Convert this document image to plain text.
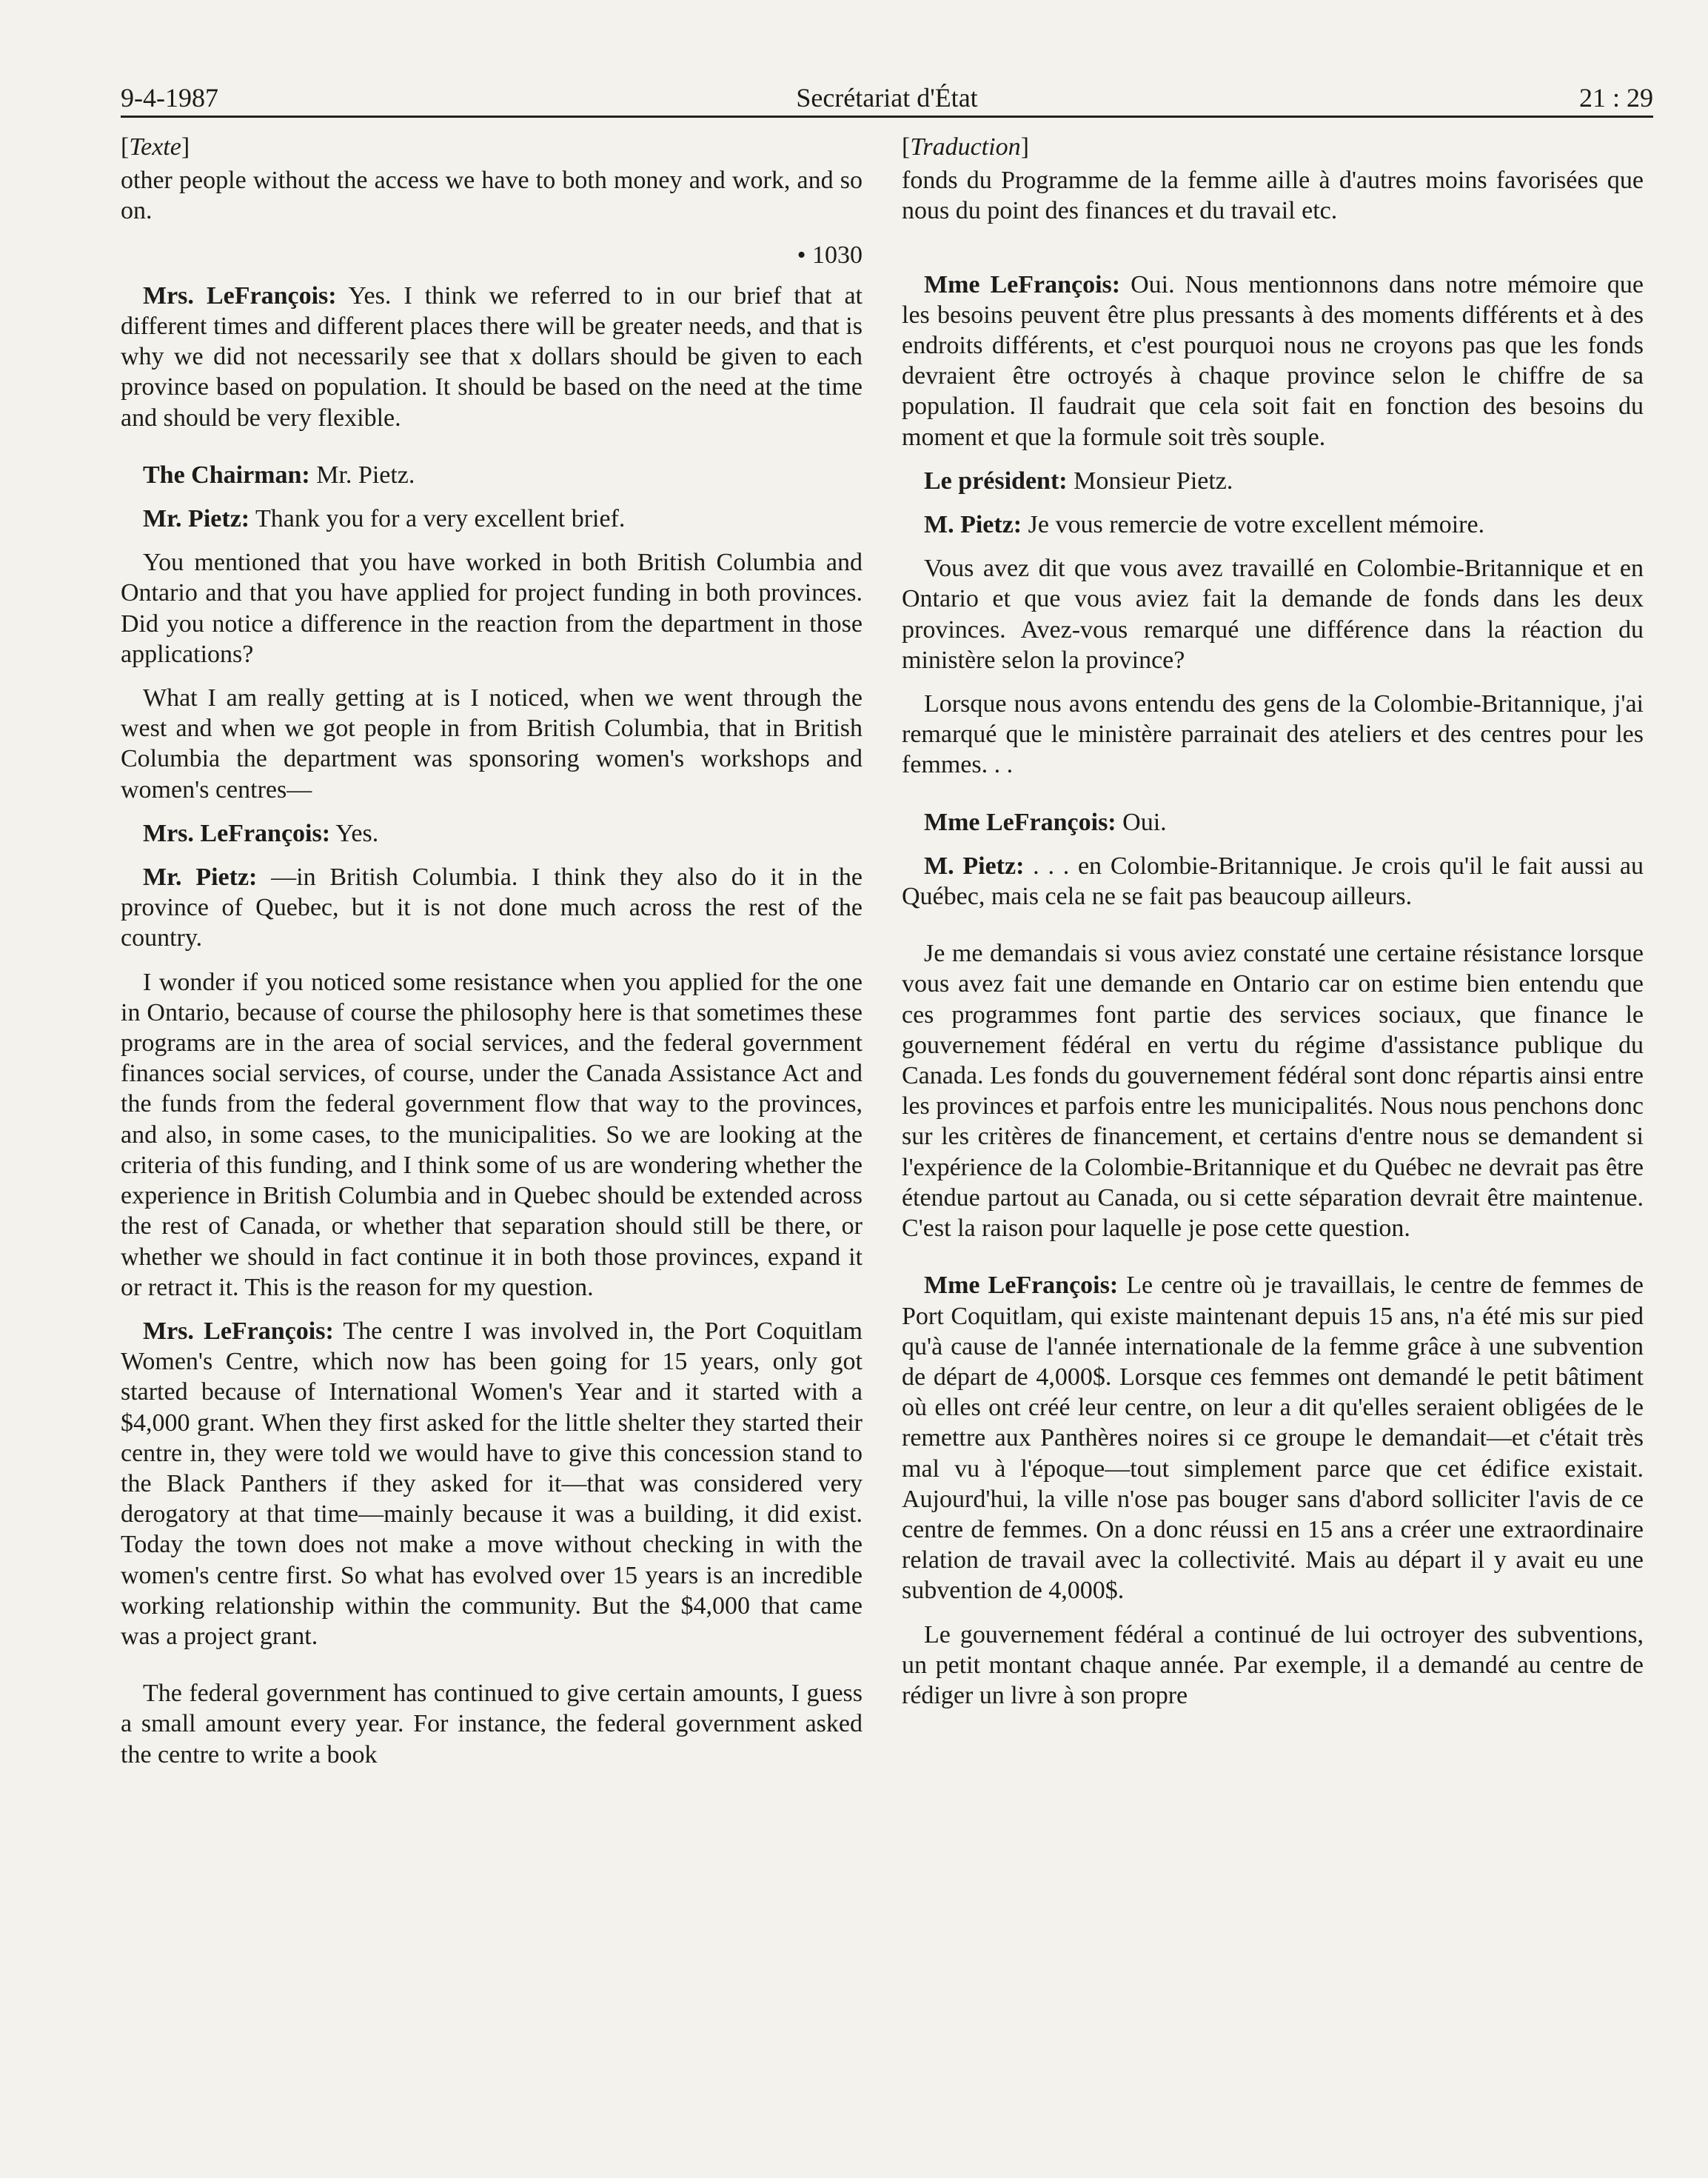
9-4-1987	Secrétariat d'État	21 : 29

[Texte]

other people without the access we have to both money and work, and so on.

• 1030

Mrs. LeFrançois: Yes. I think we referred to in our brief that at different times and different places there will be greater needs, and that is why we did not necessarily see that x dollars should be given to each province based on population. It should be based on the need at the time and should be very flexible.

The Chairman: Mr. Pietz.

Mr. Pietz: Thank you for a very excellent brief.

You mentioned that you have worked in both British Columbia and Ontario and that you have applied for project funding in both provinces. Did you notice a difference in the reaction from the department in those applications?

What I am really getting at is I noticed, when we went through the west and when we got people in from British Columbia, that in British Columbia the department was sponsoring women's workshops and women's centres—

Mrs. LeFrançois: Yes.

Mr. Pietz: —in British Columbia. I think they also do it in the province of Quebec, but it is not done much across the rest of the country.

I wonder if you noticed some resistance when you applied for the one in Ontario, because of course the philosophy here is that sometimes these programs are in the area of social services, and the federal government finances social services, of course, under the Canada Assistance Act and the funds from the federal government flow that way to the provinces, and also, in some cases, to the municipalities. So we are looking at the criteria of this funding, and I think some of us are wondering whether the experience in British Columbia and in Quebec should be extended across the rest of Canada, or whether that separation should still be there, or whether we should in fact continue it in both those provinces, expand it or retract it. This is the reason for my question.

Mrs. LeFrançois: The centre I was involved in, the Port Coquitlam Women's Centre, which now has been going for 15 years, only got started because of International Women's Year and it started with a $4,000 grant. When they first asked for the little shelter they started their centre in, they were told we would have to give this concession stand to the Black Panthers if they asked for it—that was considered very derogatory at that time—mainly because it was a building, it did exist. Today the town does not make a move without checking in with the women's centre first. So what has evolved over 15 years is an incredible working relationship within the community. But the $4,000 that came was a project grant.

The federal government has continued to give certain amounts, I guess a small amount every year. For instance, the federal government asked the centre to write a book

[Traduction]

fonds du Programme de la femme aille à d'autres moins favorisées que nous du point des finances et du travail etc.

Mme LeFrançois: Oui. Nous mentionnons dans notre mémoire que les besoins peuvent être plus pressants à des moments différents et à des endroits différents, et c'est pourquoi nous ne croyons pas que les fonds devraient être octroyés à chaque province selon le chiffre de sa population. Il faudrait que cela soit fait en fonction des besoins du moment et que la formule soit très souple.

Le président: Monsieur Pietz.

M. Pietz: Je vous remercie de votre excellent mémoire.

Vous avez dit que vous avez travaillé en Colombie-Britannique et en Ontario et que vous aviez fait la demande de fonds dans les deux provinces. Avez-vous remarqué une différence dans la réaction du ministère selon la province?

Lorsque nous avons entendu des gens de la Colombie-Britannique, j'ai remarqué que le ministère parrainait des ateliers et des centres pour les femmes. . .

Mme LeFrançois: Oui.

M. Pietz: . . . en Colombie-Britannique. Je crois qu'il le fait aussi au Québec, mais cela ne se fait pas beaucoup ailleurs.

Je me demandais si vous aviez constaté une certaine résistance lorsque vous avez fait une demande en Ontario car on estime bien entendu que ces programmes font partie des services sociaux, que finance le gouvernement fédéral en vertu du régime d'assistance publique du Canada. Les fonds du gouvernement fédéral sont donc répartis ainsi entre les provinces et parfois entre les municipalités. Nous nous penchons donc sur les critères de financement, et certains d'entre nous se demandent si l'expérience de la Colombie-Britannique et du Québec ne devrait pas être étendue partout au Canada, ou si cette séparation devrait être maintenue. C'est la raison pour laquelle je pose cette question.

Mme LeFrançois: Le centre où je travaillais, le centre de femmes de Port Coquitlam, qui existe maintenant depuis 15 ans, n'a été mis sur pied qu'à cause de l'année internationale de la femme grâce à une subvention de départ de 4,000$. Lorsque ces femmes ont demandé le petit bâtiment où elles ont créé leur centre, on leur a dit qu'elles seraient obligées de le remettre aux Panthères noires si ce groupe le demandait—et c'était très mal vu à l'époque—tout simplement parce que cet édifice existait. Aujourd'hui, la ville n'ose pas bouger sans d'abord solliciter l'avis de ce centre de femmes. On a donc réussi en 15 ans a créer une extraordinaire relation de travail avec la collectivité. Mais au départ il y avait eu une subvention de 4,000$.

Le gouvernement fédéral a continué de lui octroyer des subventions, un petit montant chaque année. Par exemple, il a demandé au centre de rédiger un livre à son propre
